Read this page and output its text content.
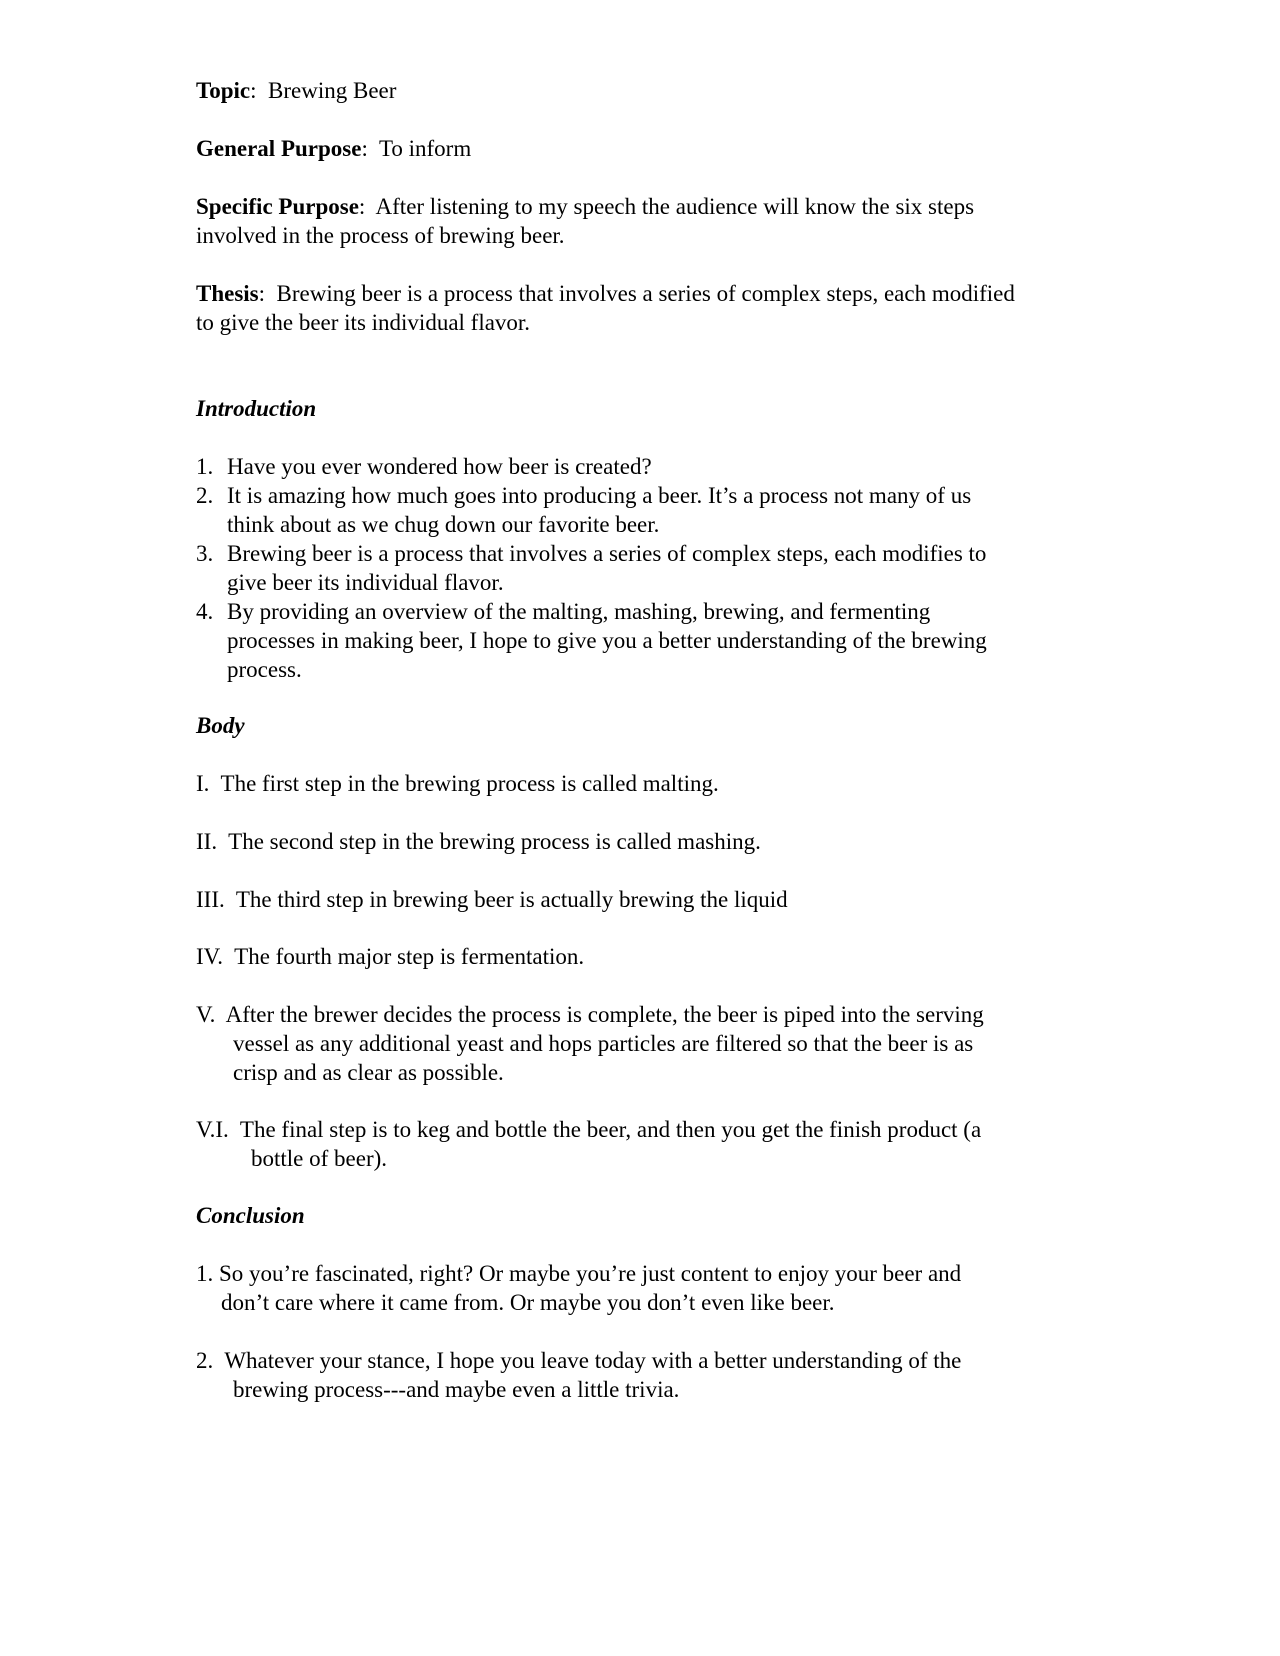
Topic:  Brewing Beer

General Purpose:  To inform

Specific Purpose:  After listening to my speech the audience will know the six steps

involved in the process of brewing beer.

Thesis:  Brewing beer is a process that involves a series of complex steps, each modified

to give the beer its individual flavor.

Introduction

1. Have you ever wondered how beer is created?

2. It is amazing how much goes into producing a beer. It’s a process not many of us

think about as we chug down our favorite beer.

3. Brewing beer is a process that involves a series of complex steps, each modifies to

give beer its individual flavor.

4. By providing an overview of the malting, mashing, brewing, and fermenting

processes in making beer, I hope to give you a better understanding of the brewing

process.

Body

I. The first step in the brewing process is called malting.

II. The second step in the brewing process is called mashing.

III. The third step in brewing beer is actually brewing the liquid

IV. The fourth major step is fermentation.

V. After the brewer decides the process is complete, the beer is piped into the serving

vessel as any additional yeast and hops particles are filtered so that the beer is as

crisp and as clear as possible.

V.I. The final step is to keg and bottle the beer, and then you get the finish product (a

bottle of beer).

Conclusion

1. So you’re fascinated, right? Or maybe you’re just content to enjoy your beer and

don’t care where it came from. Or maybe you don’t even like beer.

2. Whatever your stance, I hope you leave today with a better understanding of the

brewing process---and maybe even a little trivia.
